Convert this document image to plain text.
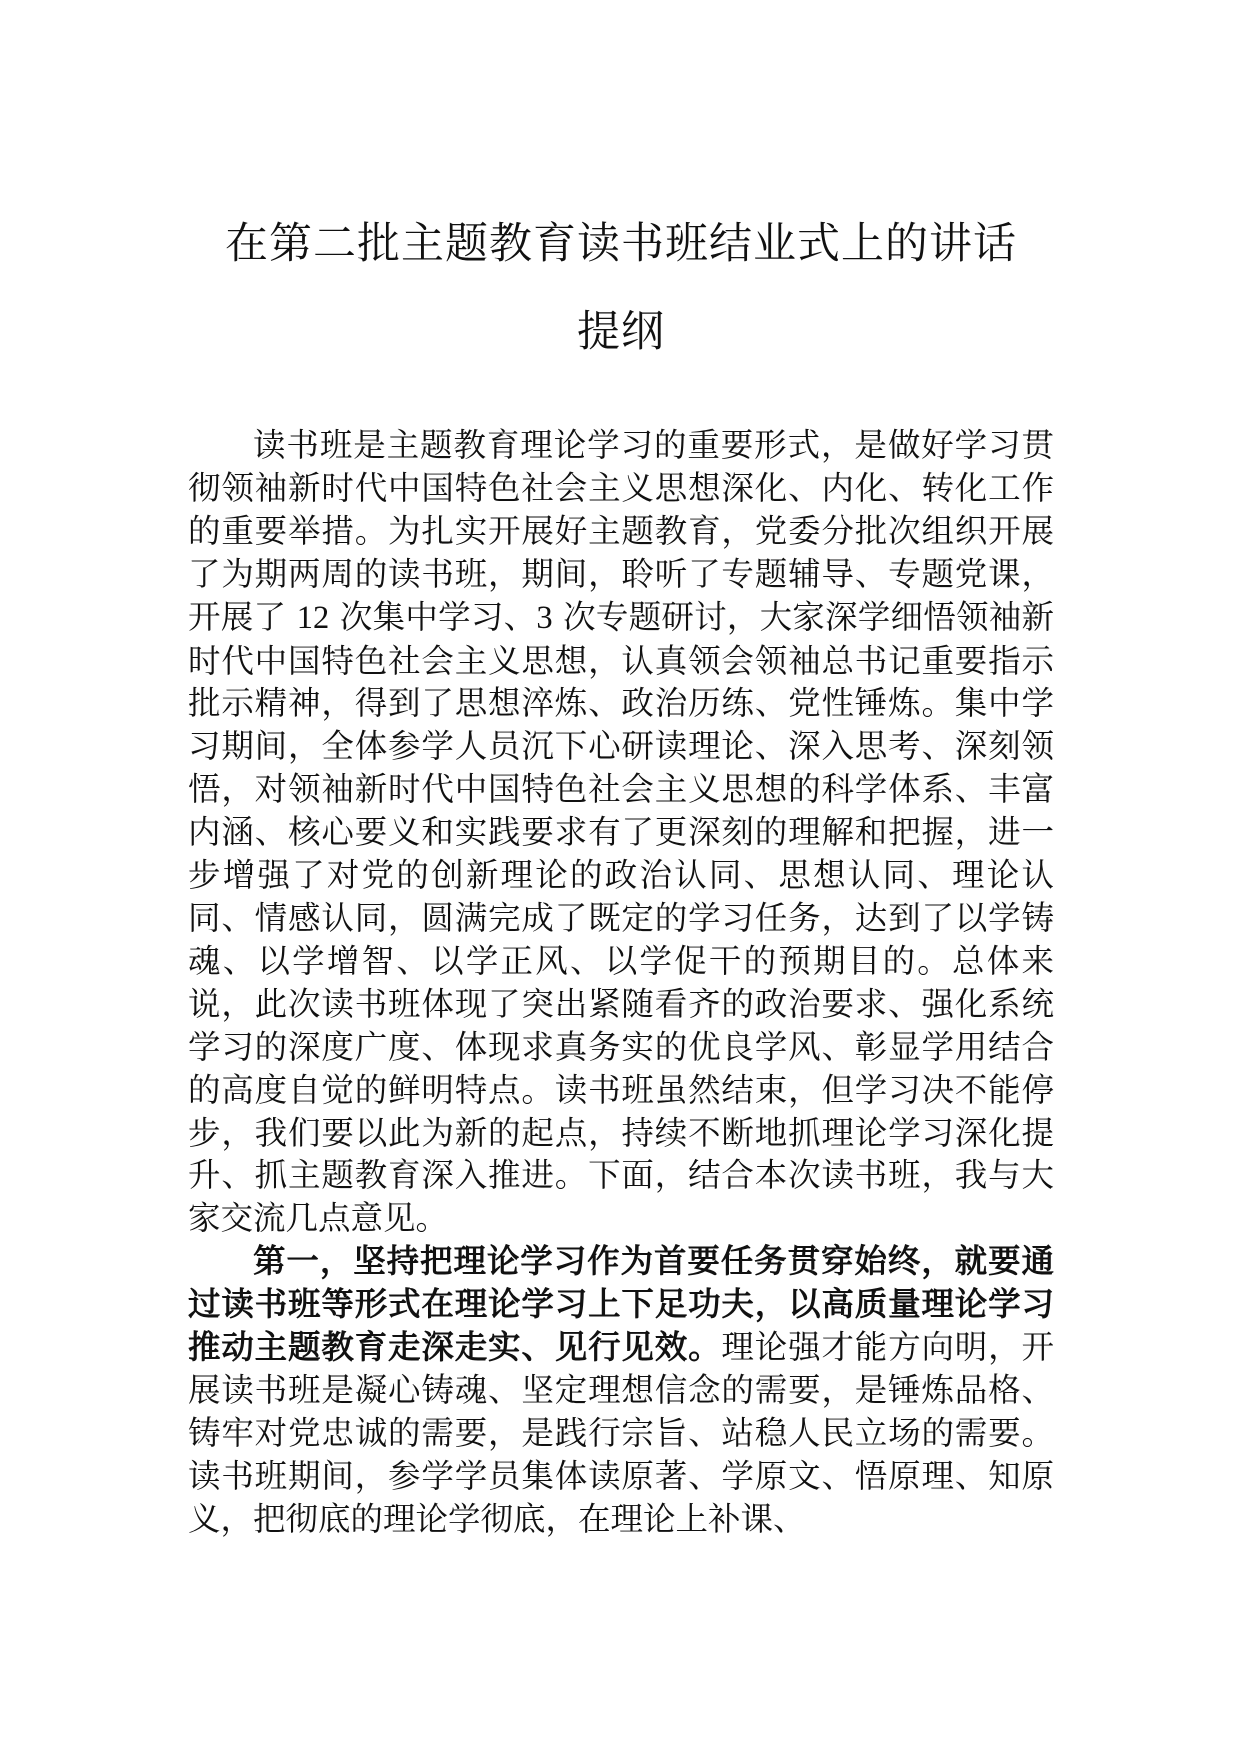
在第二批主题教育读书班结业式上的讲话
提纲

读书班是主题教育理论学习的重要形式，是做好学习贯彻领袖新时代中国特色社会主义思想深化、内化、转化工作的重要举措。为扎实开展好主题教育，党委分批次组织开展了为期两周的读书班，期间，聆听了专题辅导、专题党课，开展了 12 次集中学习、3 次专题研讨，大家深学细悟领袖新时代中国特色社会主义思想，认真领会领袖总书记重要指示批示精神，得到了思想淬炼、政治历练、党性锤炼。集中学习期间，全体参学人员沉下心研读理论、深入思考、深刻领悟，对领袖新时代中国特色社会主义思想的科学体系、丰富内涵、核心要义和实践要求有了更深刻的理解和把握，进一步增强了对党的创新理论的政治认同、思想认同、理论认同、情感认同，圆满完成了既定的学习任务，达到了以学铸魂、以学增智、以学正风、以学促干的预期目的。总体来说，此次读书班体现了突出紧随看齐的政治要求、强化系统学习的深度广度、体现求真务实的优良学风、彰显学用结合的高度自觉的鲜明特点。读书班虽然结束，但学习决不能停步，我们要以此为新的起点，持续不断地抓理论学习深化提升、抓主题教育深入推进。下面，结合本次读书班，我与大家交流几点意见。

第一，坚持把理论学习作为首要任务贯穿始终，就要通过读书班等形式在理论学习上下足功夫，以高质量理论学习推动主题教育走深走实、见行见效。理论强才能方向明，开展读书班是凝心铸魂、坚定理想信念的需要，是锤炼品格、铸牢对党忠诚的需要，是践行宗旨、站稳人民立场的需要。读书班期间，参学学员集体读原著、学原文、悟原理、知原义，把彻底的理论学彻底，在理论上补课、
